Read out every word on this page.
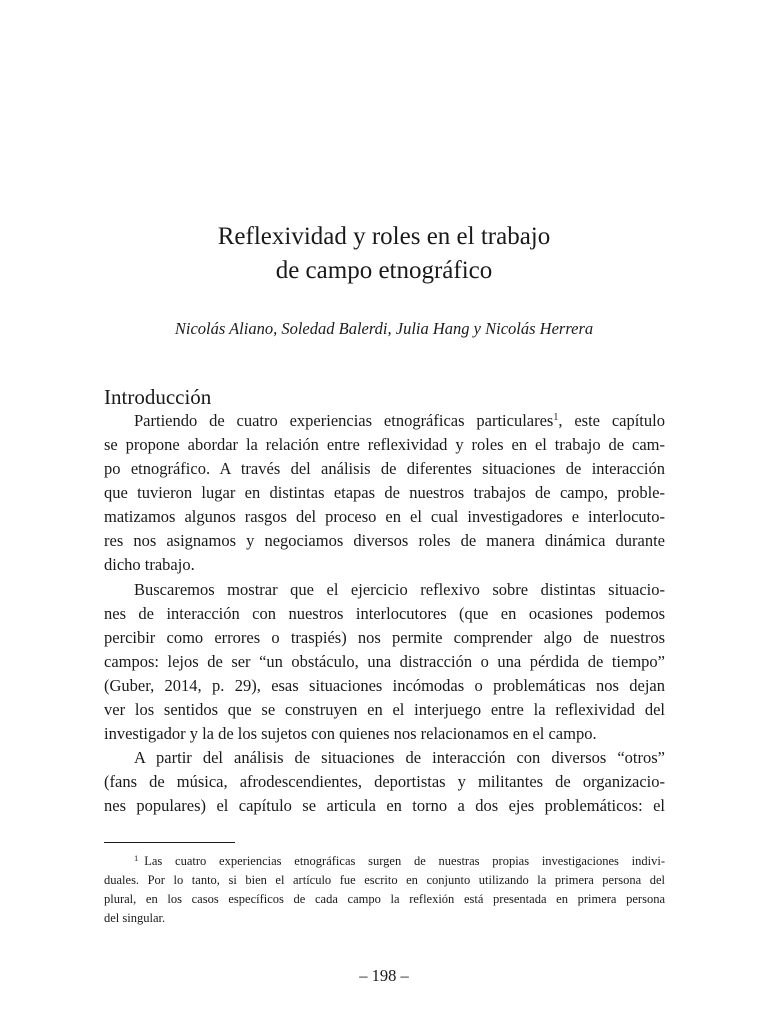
Reflexividad y roles en el trabajo
de campo etnográfico
Nicolás Aliano, Soledad Balerdi, Julia Hang y Nicolás Herrera
Introducción
Partiendo de cuatro experiencias etnográficas particulares$^1$, este capítulo
se propone abordar la relación entre reflexividad y roles en el trabajo de cam-
po etnográfico. A través del análisis de diferentes situaciones de interacción
que tuvieron lugar en distintas etapas de nuestros trabajos de campo, proble-
matizamos algunos rasgos del proceso en el cual investigadores e interlocuto-
res nos asignamos y negociamos diversos roles de manera dinámica durante
dicho trabajo.
Buscaremos mostrar que el ejercicio reflexivo sobre distintas situacio-
nes de interacción con nuestros interlocutores (que en ocasiones podemos
percibir como errores o traspiés) nos permite comprender algo de nuestros
campos: lejos de ser “un obstáculo, una distracción o una pérdida de tiempo”
(Guber, 2014, p. 29), esas situaciones incómodas o problemáticas nos dejan
ver los sentidos que se construyen en el interjuego entre la reflexividad del
investigador y la de los sujetos con quienes nos relacionamos en el campo.
A partir del análisis de situaciones de interacción con diversos “otros”
(fans de música, afrodescendientes, deportistas y militantes de organizacio-
nes populares) el capítulo se articula en torno a dos ejes problemáticos: el
$^1$ Las cuatro experiencias etnográficas surgen de nuestras propias investigaciones indivi-
duales. Por lo tanto, si bien el artículo fue escrito en conjunto utilizando la primera persona del
plural, en los casos específicos de cada campo la reflexión está presentada en primera persona
del singular.
– 198 –
